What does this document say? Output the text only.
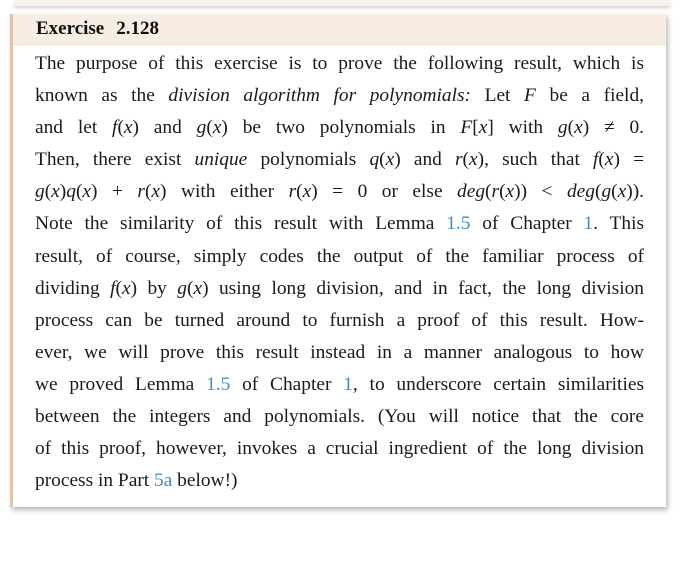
Exercise 2.128
The purpose of this exercise is to prove the following result, which is
known as the division algorithm for polynomials: Let F be a field,
and let f(x) and g(x) be two polynomials in F[x] with g(x) ≠ 0.
Then, there exist unique polynomials q(x) and r(x), such that f(x) =
g(x)q(x) + r(x) with either r(x) = 0 or else deg(r(x)) < deg(g(x)).
Note the similarity of this result with Lemma 1.5 of Chapter 1. This
result, of course, simply codes the output of the familiar process of
dividing f(x) by g(x) using long division, and in fact, the long division
process can be turned around to furnish a proof of this result. How-
ever, we will prove this result instead in a manner analogous to how
we proved Lemma 1.5 of Chapter 1, to underscore certain similarities
between the integers and polynomials. (You will notice that the core
of this proof, however, invokes a crucial ingredient of the long division
process in Part 5a below!)
